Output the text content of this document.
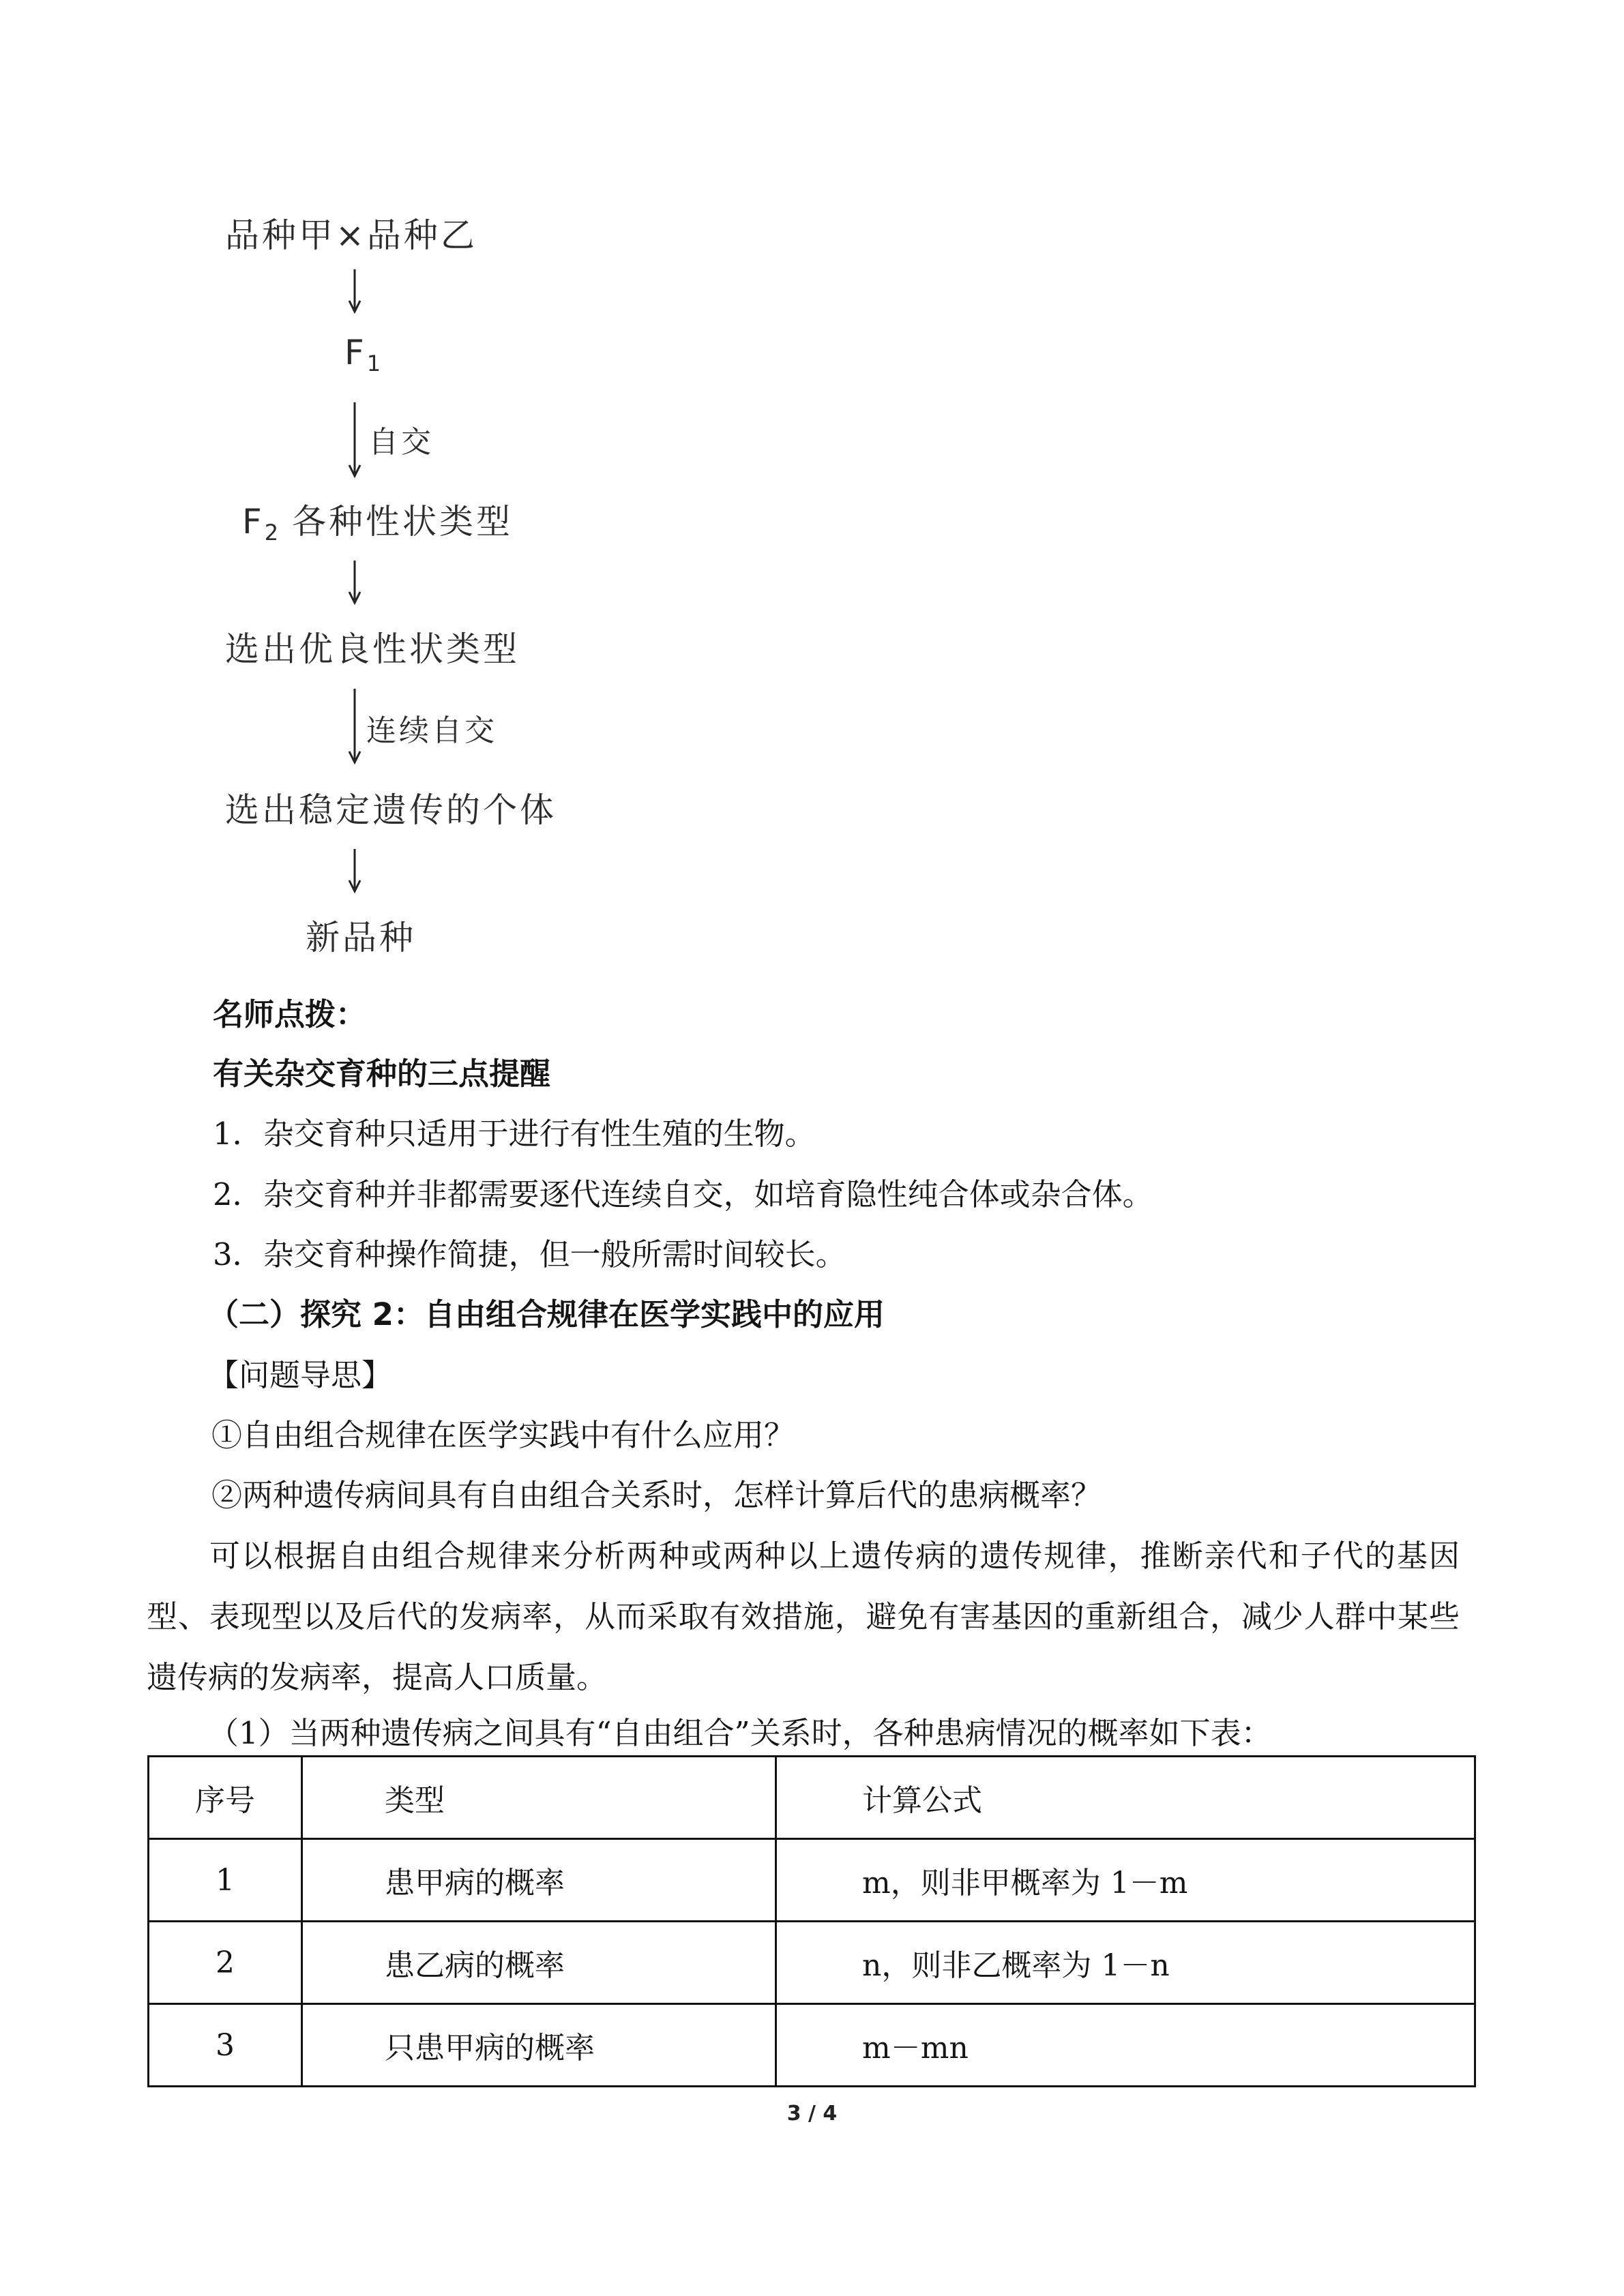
品种甲×品种乙
$F_1$
自交
$F_2$ 各种性状类型
选出优良性状类型
连续自交
选出稳定遗传的个体
新品种
名师点拨：
有关杂交育种的三点提醒
1．杂交育种只适用于进行有性生殖的生物。
2．杂交育种并非都需要逐代连续自交，如培育隐性纯合体或杂合体。
3．杂交育种操作简捷，但一般所需时间较长。
（二）探究 2：自由组合规律在医学实践中的应用
【问题导思】
①自由组合规律在医学实践中有什么应用？
②两种遗传病间具有自由组合关系时，怎样计算后代的患病概率？
可以根据自由组合规律来分析两种或两种以上遗传病的遗传规律，推断亲代和子代的基因型、表现型以及后代的发病率，从而采取有效措施，避免有害基因的重新组合，减少人群中某些遗传病的发病率，提高人口质量。
（1）当两种遗传病之间具有“自由组合”关系时，各种患病情况的概率如下表：
序号	类型	计算公式
1	患甲病的概率	m，则非甲概率为 1－m
2	患乙病的概率	n，则非乙概率为 1－n
3	只患甲病的概率	m－mn
3 / 4
